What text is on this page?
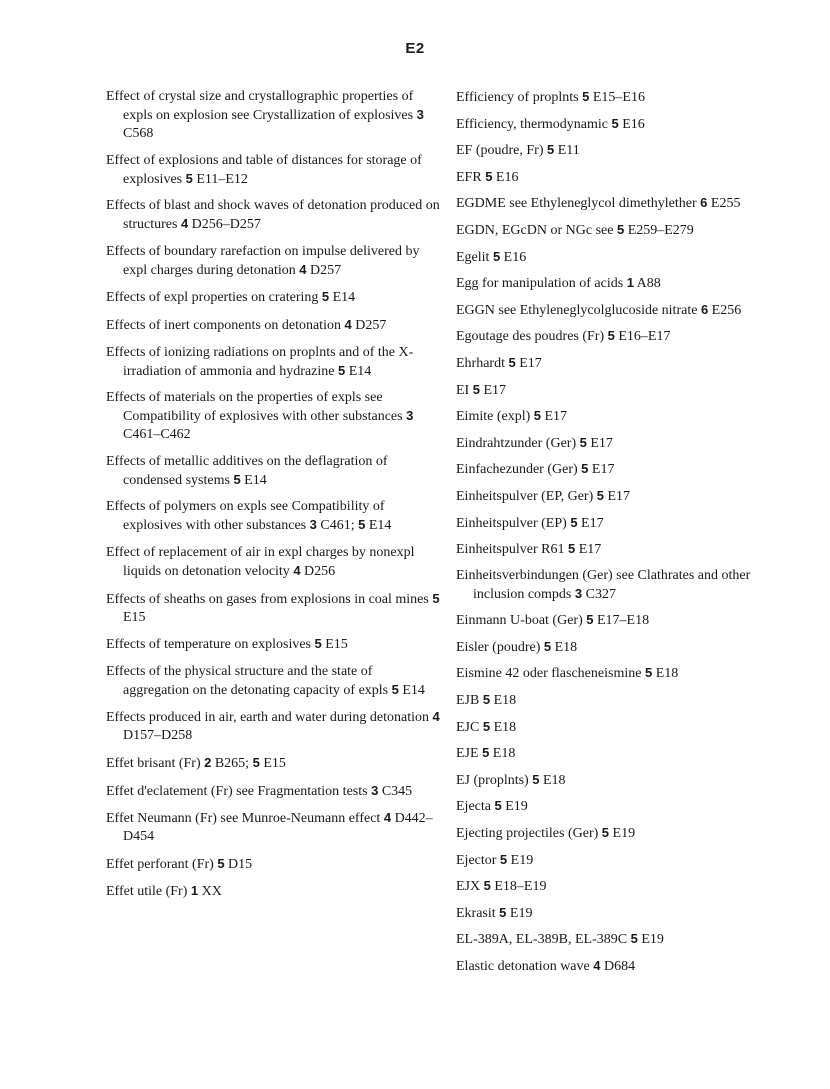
E2
Effect of crystal size and crystallographic properties of expls on explosion see Crystallization of explosives 3 C568
Effect of explosions and table of distances for storage of explosives 5 E11–E12
Effects of blast and shock waves of detonation produced on structures 4 D256–D257
Effects of boundary rarefaction on impulse delivered by expl charges during detonation 4 D257
Effects of expl properties on cratering 5 E14
Effects of inert components on detonation 4 D257
Effects of ionizing radiations on proplnts and of the X-irradiation of ammonia and hydrazine 5 E14
Effects of materials on the properties of expls see Compatibility of explosives with other substances 3 C461–C462
Effects of metallic additives on the deflagration of condensed systems 5 E14
Effects of polymers on expls see Compatibility of explosives with other substances 3 C461; 5 E14
Effect of replacement of air in expl charges by nonexpl liquids on detonation velocity 4 D256
Effects of sheaths on gases from explosions in coal mines 5 E15
Effects of temperature on explosives 5 E15
Effects of the physical structure and the state of aggregation on the detonating capacity of expls 5 E14
Effects produced in air, earth and water during detonation 4 D157–D258
Effet brisant (Fr) 2 B265; 5 E15
Effet d'eclatement (Fr) see Fragmentation tests 3 C345
Effet Neumann (Fr) see Munroe-Neumann effect 4 D442–D454
Effet perforant (Fr) 5 D15
Effet utile (Fr) 1 XX
Efficiency of proplnts 5 E15–E16
Efficiency, thermodynamic 5 E16
EF (poudre, Fr) 5 E11
EFR 5 E16
EGDME see Ethyleneglycol dimethylether 6 E255
EGDN, EGcDN or NGc see 5 E259–E279
Egelit 5 E16
Egg for manipulation of acids 1 A88
EGGN see Ethyleneglycolglucoside nitrate 6 E256
Egoutage des poudres (Fr) 5 E16–E17
Ehrhardt 5 E17
EI 5 E17
Eimite (expl) 5 E17
Eindrahtzunder (Ger) 5 E17
Einfachezunder (Ger) 5 E17
Einheitspulver (EP, Ger) 5 E17
Einheitspulver (EP) 5 E17
Einheitspulver R61 5 E17
Einheitsverbindungen (Ger) see Clathrates and other inclusion compds 3 C327
Einmann U-boat (Ger) 5 E17–E18
Eisler (poudre) 5 E18
Eismine 42 oder flascheneismine 5 E18
EJB 5 E18
EJC 5 E18
EJE 5 E18
EJ (proplnts) 5 E18
Ejecta 5 E19
Ejecting projectiles (Ger) 5 E19
Ejector 5 E19
EJX 5 E18–E19
Ekrasit 5 E19
EL-389A, EL-389B, EL-389C 5 E19
Elastic detonation wave 4 D684
